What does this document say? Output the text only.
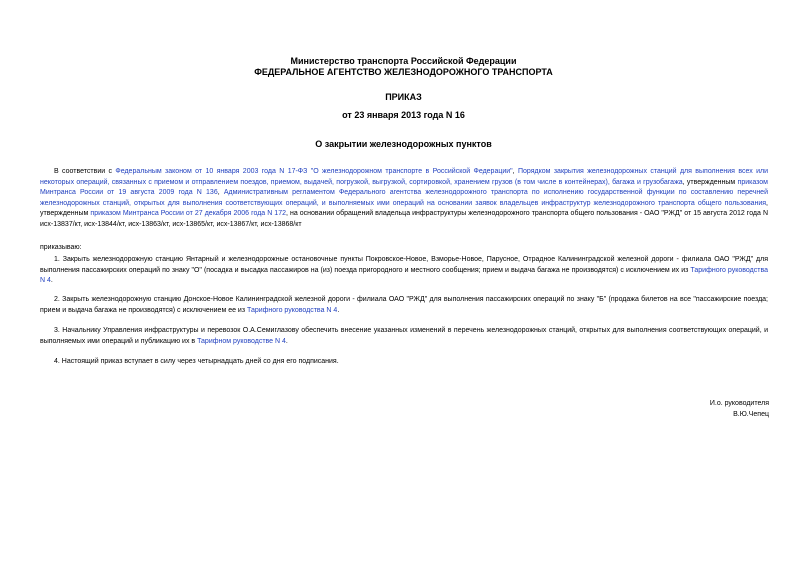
Министерство транспорта Российской Федерации
ФЕДЕРАЛЬНОЕ АГЕНТСТВО ЖЕЛЕЗНОДОРОЖНОГО ТРАНСПОРТА
ПРИКАЗ
от 23 января 2013 года N 16
О закрытии железнодорожных пунктов
В соответствии с Федеральным законом от 10 января 2003 года N 17-ФЗ "О железнодорожном транспорте в Российской Федерации", Порядком закрытия железнодорожных станций для выполнения всех или некоторых операций, связанных с приемом и отправлением поездов, приемом, выдачей, погрузкой, выгрузкой, сортировкой, хранением грузов (в том числе в контейнерах), багажа и грузобагажа, утвержденным приказом Минтранса России от 19 августа 2009 года N 136, Административным регламентом Федерального агентства железнодорожного транспорта по исполнению государственной функции по составлению перечней железнодорожных станций, открытых для выполнения соответствующих операций, и выполняемых ими операций на основании заявок владельцев инфраструктур железнодорожного транспорта общего пользования, утвержденным приказом Минтранса России от 27 декабря 2006 года N 172, на основании обращений владельца инфраструктуры железнодорожного транспорта общего пользования - ОАО "РЖД" от 15 августа 2012 года N исх-13837/кт, исх-13844/кт, исх-13863/кт, исх-13865/кт, исх-13867/кт, исх-13868/кт
приказываю:
1. Закрыть железнодорожную станцию Янтарный и железнодорожные остановочные пункты Покровское-Новое, Взморье-Новое, Парусное, Отрадное Калининградской железной дороги - филиала ОАО "РЖД" для выполнения пассажирских операций по знаку "О" (посадка и высадка пассажиров на (из) поезда пригородного и местного сообщения; прием и выдача багажа не производятся) с исключением их из Тарифного руководства N 4.
2. Закрыть железнодорожную станцию Донское-Новое Калининградской железной дороги - филиала ОАО "РЖД" для выполнения пассажирских операций по знаку "Б" (продажа билетов на все "пассажирские поезда; прием и выдача багажа не производятся) с исключением ее из Тарифного руководства N 4.
3. Начальнику Управления инфраструктуры и перевозок О.А.Семиглазову обеспечить внесение указанных изменений в перечень железнодорожных станций, открытых для выполнения соответствующих операций, и выполняемых ими операций и публикацию их в Тарифном руководстве N 4.
4. Настоящий приказ вступает в силу через четырнадцать дней со дня его подписания.
И.о. руководителя
В.Ю.Чепец
